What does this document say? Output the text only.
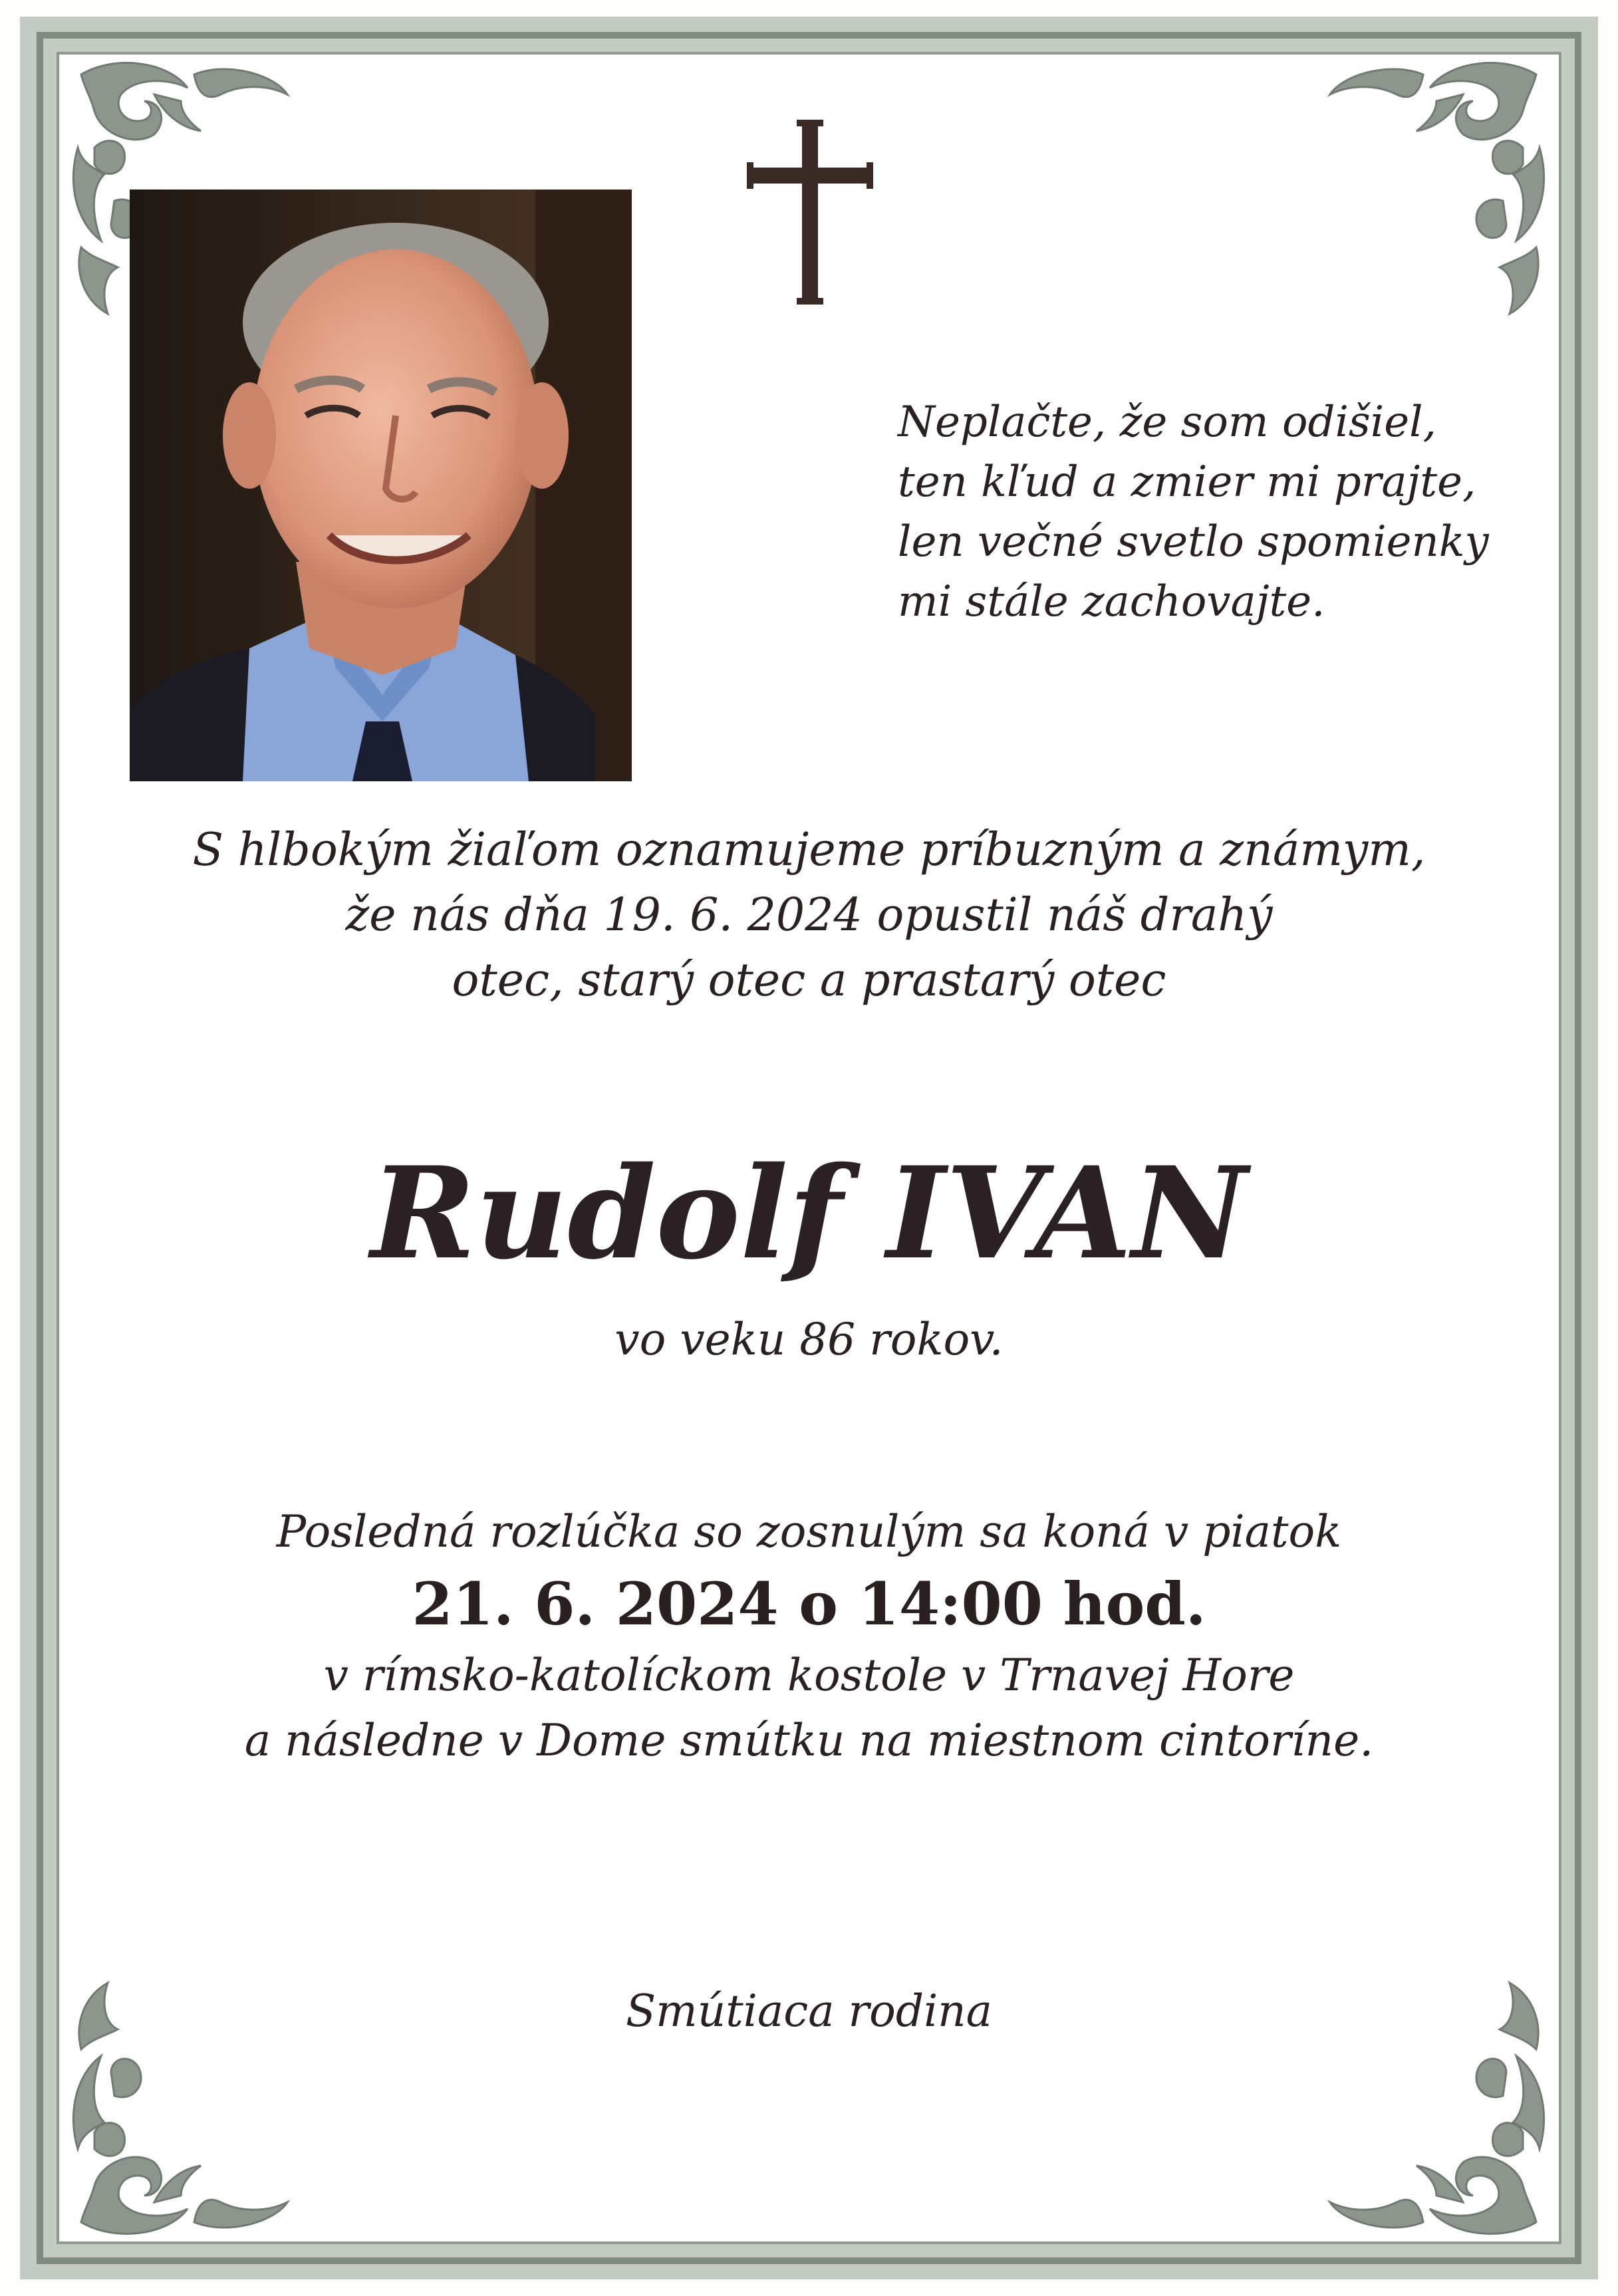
Neplačte, že som odišiel,
ten kľud a zmier mi prajte,
len večné svetlo spomienky
mi stále zachovajte.
S hlbokým žiaľom oznamujeme príbuzným a známym,
že nás dňa 19. 6. 2024 opustil náš drahý
otec, starý otec a prastarý otec
Rudolf IVAN
vo veku 86 rokov.
Posledná rozlúčka so zosnulým sa koná v piatok
21. 6. 2024 o 14:00 hod.
v rímsko-katolíckom kostole v Trnavej Hore
a následne v Dome smútku na miestnom cintoríne.
Smútiaca rodina
